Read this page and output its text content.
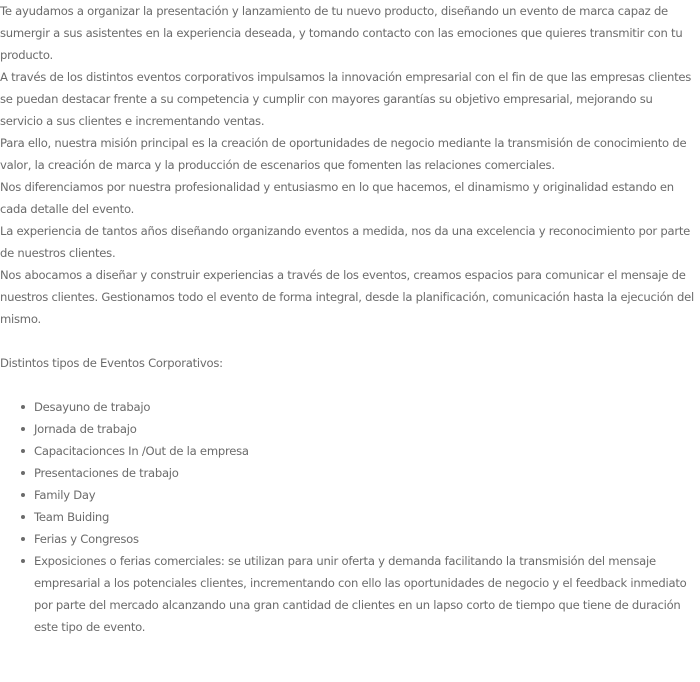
Te ayudamos a organizar la presentación y lanzamiento de tu nuevo producto, diseñando un evento de marca capaz de sumergir a sus asistentes en la experiencia deseada, y tomando contacto con las emociones que quieres transmitir con tu producto.

A través de los distintos eventos corporativos impulsamos la innovación empresarial con el fin de que las empresas clientes se puedan destacar frente a su competencia y cumplir con mayores garantías su objetivo empresarial, mejorando su servicio a sus clientes e incrementando ventas.

Para ello, nuestra misión principal es la creación de oportunidades de negocio mediante la transmisión de conocimiento de valor, la creación de marca y la producción de escenarios que fomenten las relaciones comerciales.

Nos diferenciamos por nuestra profesionalidad y entusiasmo en lo que hacemos, el dinamismo y originalidad estando en cada detalle del evento.

La experiencia de tantos años diseñando organizando eventos a medida, nos da una excelencia y reconocimiento por parte de nuestros clientes.

Nos abocamos a diseñar y construir experiencias a través de los eventos, creamos espacios para comunicar el mensaje de nuestros clientes. Gestionamos todo el evento de forma integral, desde la planificación, comunicación hasta la ejecución del mismo.

Distintos tipos de Eventos Corporativos:

Desayuno de trabajo
Jornada de trabajo
Capacitacionces In /Out de la empresa
Presentaciones de trabajo
Family Day
Team Buiding
Ferias y Congresos
Exposiciones o ferias comerciales: se utilizan para unir oferta y demanda facilitando la transmisión del mensaje empresarial a los potenciales clientes, incrementando con ello las oportunidades de negocio y el feedback inmediato por parte del mercado alcanzando una gran cantidad de clientes en un lapso corto de tiempo que tiene de duración este tipo de evento.
